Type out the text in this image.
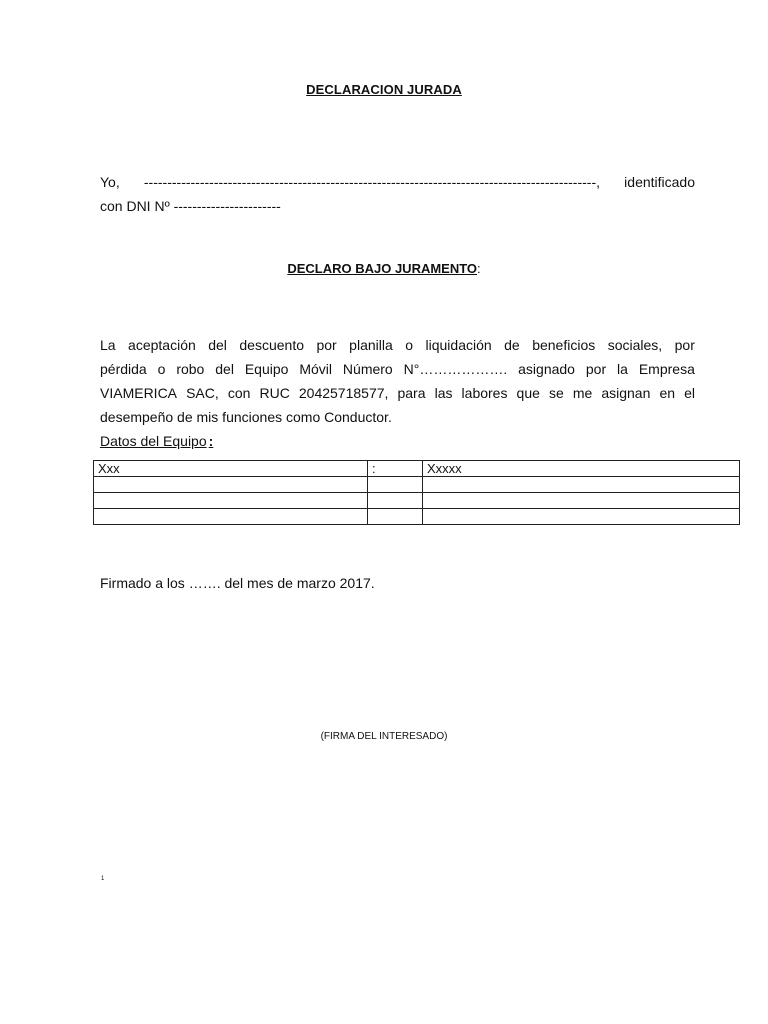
DECLARACION JURADA
Yo, -------------------------------------------------------------------------------------------------, identificado
con DNI Nº -----------------------
DECLARO BAJO JURAMENTO:
La aceptación del descuento por planilla o liquidación de beneficios sociales, por
pérdida o robo del Equipo Móvil Número N°………………. asignado por la Empresa
VIAMERICA SAC, con RUC 20425718577, para las labores que se me asignan en el
desempeño de mis funciones como Conductor.
Datos del Equipo :
Xxx	:	Xxxxx

Firmado a los ……. del mes de marzo 2017.
(FIRMA DEL INTERESADO)
1
